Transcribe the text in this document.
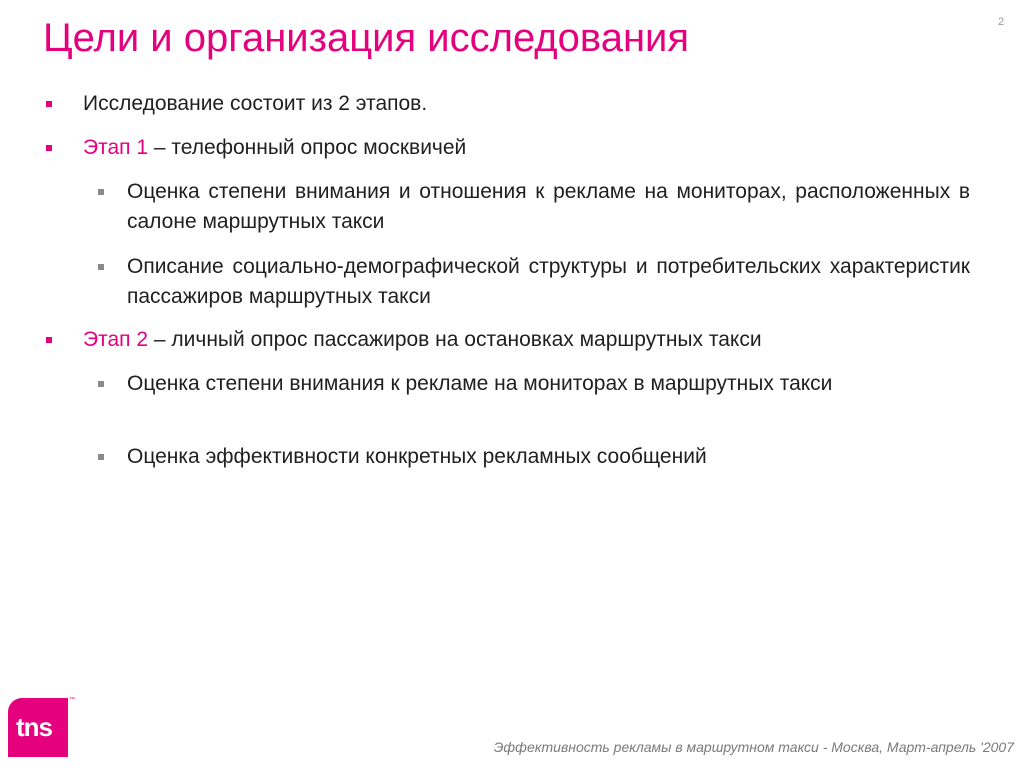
Цели и организация исследования	2
Исследование состоит из 2 этапов.
Этап 1 – телефонный опрос москвичей
Оценка степени внимания и отношения к рекламе на мониторах, расположенных в салоне маршрутных такси
Описание социально-демографической структуры и потребительских характеристик пассажиров маршрутных такси
Этап 2 – личный опрос пассажиров на остановках маршрутных такси
Оценка степени внимания к рекламе на мониторах в маршрутных такси
Оценка эффективности конкретных рекламных сообщений
tns
™
Эффективность рекламы в маршрутном такси - Москва, Март-апрель '2007
